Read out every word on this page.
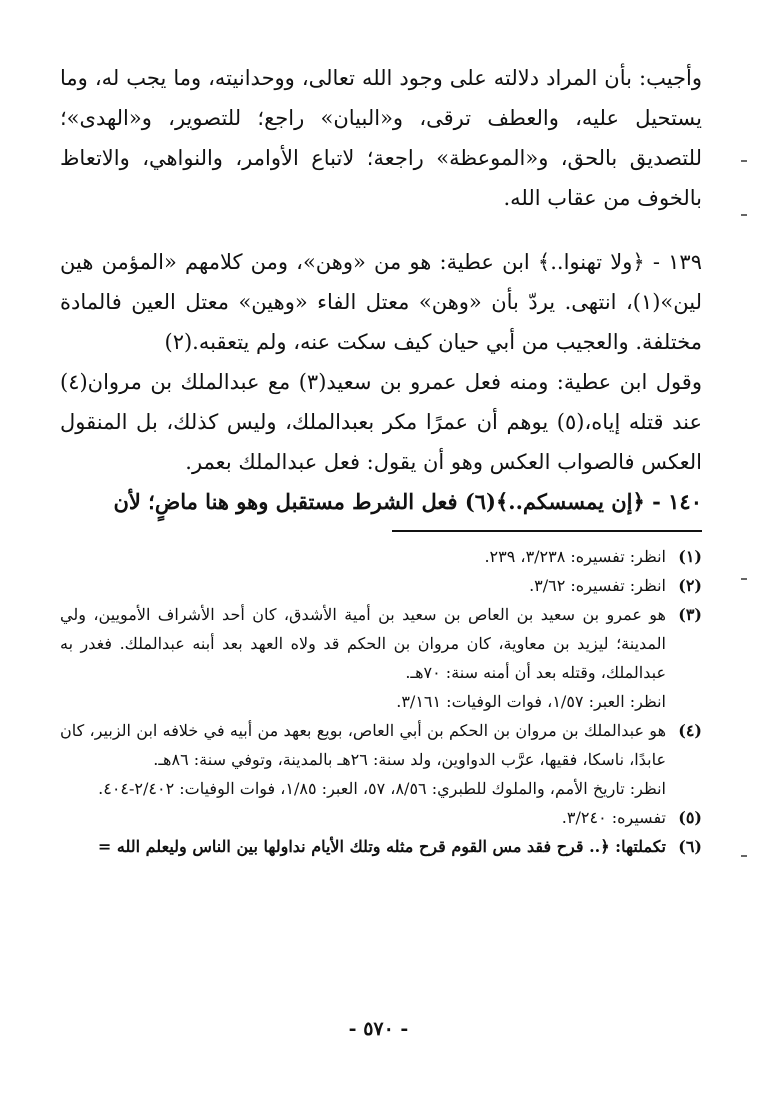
وأجيب: بأن المراد دلالته على وجود الله تعالى، ووحدانيته، وما يجب له، وما يستحيل عليه، والعطف ترقى، و«البيان» راجع؛ للتصوير، و«الهدى»؛ للتصديق بالحق، و«الموعظة» راجعة؛ لاتباع الأوامر، والنواهي، والاتعاظ بالخوف من عقاب الله.

١٣٩ - ﴿ولا تهنوا..﴾ ابن عطية: هو من «وهن»، ومن كلامهم «المؤمن هين لين»(١)، انتهى. يردّ بأن «وهن» معتل الفاء «وهين» معتل العين فالمادة مختلفة. والعجيب من أبي حيان كيف سكت عنه، ولم يتعقبه.(٢)

وقول ابن عطية: ومنه فعل عمرو بن سعيد(٣) مع عبدالملك بن مروان(٤) عند قتله إياه،(٥) يوهم أن عمرًا مكر بعبدالملك، وليس كذلك، بل المنقول العكس فالصواب العكس وهو أن يقول: فعل عبدالملك بعمر.

١٤٠ - ﴿إن يمسسكم..﴾(٦) فعل الشرط مستقبل وهو هنا ماضٍ؛ لأن

(١)
انظر: تفسيره: ٣/٢٣٨، ٢٣٩.
(٢)
انظر: تفسيره: ٣/٦٢.
(٣)
هو عمرو بن سعيد بن العاص بن سعيد بن أمية الأشدق، كان أحد الأشراف الأمويين، ولي المدينة؛ ليزيد بن معاوية، كان مروان بن الحكم قد ولاه العهد بعد أبنه عبدالملك. فغدر به عبدالملك، وقتله بعد أن أمنه سنة: ٧٠هـ.
انظر: العبر: ١/٥٧، فوات الوفيات: ٣/١٦١.
(٤)
هو عبدالملك بن مروان بن الحكم بن أبي العاص، بويع بعهد من أبيه في خلافه ابن الزبير، كان عابدًا، ناسكا، فقيها، عرَّب الدواوين، ولد سنة: ٢٦هـ بالمدينة، وتوفي سنة: ٨٦هـ.
انظر: تاريخ الأمم، والملوك للطبري: ٨/٥٦، ٥٧، العبر: ١/٨٥، فوات الوفيات: ٢/٤٠٢-٤٠٤.
(٥)
تفسيره: ٣/٢٤٠.
(٦)
تكملتها: ﴿.. قرح فقد مس القوم قرح مثله وتلك الأيام نداولها بين الناس وليعلم الله =
- ٥٧٠ -
